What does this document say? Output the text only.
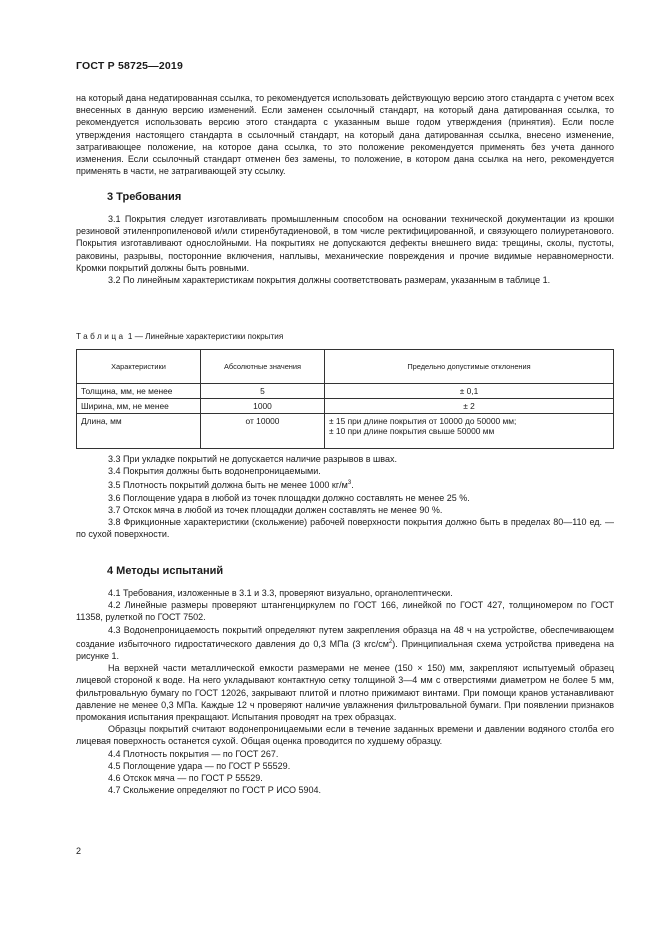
ГОСТ Р 58725—2019

на который дана недатированная ссылка, то рекомендуется использовать действующую версию этого стандарта с учетом всех внесенных в данную версию изменений. Если заменен ссылочный стандарт, на который дана датированная ссылка, то рекомендуется использовать версию этого стандарта с указанным выше годом утверждения (принятия). Если после утверждения настоящего стандарта в ссылочный стандарт, на который дана датированная ссылка, внесено изменение, затрагивающее положение, на которое дана ссылка, то это положение рекомендуется применять без учета данного изменения. Если ссылочный стандарт отменен без замены, то положение, в котором дана ссылка на него, рекомендуется применять в части, не затрагивающей эту ссылку.

3 Требования

3.1 Покрытия следует изготавливать промышленным способом на основании технической документации из крошки резиновой этиленпропиленовой и/или стиренбутадиеновой, в том числе ректифицированной, и связующего полиуретанового. Покрытия изготавливают однослойными. На покрытиях не допускаются дефекты внешнего вида: трещины, сколы, пустоты, раковины, разрывы, посторонние включения, наплывы, механические повреждения и прочие видимые неравномерности. Кромки покрытий должны быть ровными.

3.2 По линейным характеристикам покрытия должны соответствовать размерам, указанным в таблице 1.

Таблица 1 — Линейные характеристики покрытия
Характеристики	Абсолютные значения	Предельно допустимые отклонения
Толщина, мм, не менее	5	± 0,1
Ширина, мм, не менее	1000	± 2
Длина, мм	от 10000	± 15 при длине покрытия от 10000 до 50000 мм;
± 10 при длине покрытия свыше 50000 мм

3.3 При укладке покрытий не допускается наличие разрывов в швах.

3.4 Покрытия должны быть водонепроницаемыми.

3.5 Плотность покрытий должна быть не менее 1000 $кг/м^3$.

3.6 Поглощение удара в любой из точек площадки должно составлять не менее 25 %.

3.7 Отскок мяча в любой из точек площадки должен составлять не менее 90 %.

3.8 Фрикционные характеристики (скольжение) рабочей поверхности покрытия должно быть в пределах 80—110 ед. — по сухой поверхности.

4 Методы испытаний

4.1 Требования, изложенные в 3.1 и 3.3, проверяют визуально, органолептически.

4.2 Линейные размеры проверяют штангенциркулем по ГОСТ 166, линейкой по ГОСТ 427, толщиномером по ГОСТ 11358, рулеткой по ГОСТ 7502.

4.3 Водонепроницаемость покрытий определяют путем закрепления образца на 48 ч на устройстве, обеспечивающем создание избыточного гидростатического давления до 0,3 МПа (3 кгс/$см^2$). Принципиальная схема устройства приведена на рисунке 1.

На верхней части металлической емкости размерами не менее (150 × 150) мм, закрепляют испытуемый образец лицевой стороной к воде. На него укладывают контактную сетку толщиной 3—4 мм с отверстиями диаметром не более 5 мм, фильтровальную бумагу по ГОСТ 12026, закрывают плитой и плотно прижимают винтами. При помощи кранов устанавливают давление не менее 0,3 МПа. Каждые 12 ч проверяют наличие увлажнения фильтровальной бумаги. При появлении признаков промокания испытания прекращают. Испытания проводят на трех образцах.

Образцы покрытий считают водонепроницаемыми если в течение заданных времени и давлении водяного столба его лицевая поверхность останется сухой. Общая оценка проводится по худшему образцу.

4.4 Плотность покрытия — по ГОСТ 267.

4.5 Поглощение удара — по ГОСТ Р 55529.

4.6 Отскок мяча — по ГОСТ Р 55529.

4.7 Скольжение определяют по ГОСТ Р ИСО 5904.

2
